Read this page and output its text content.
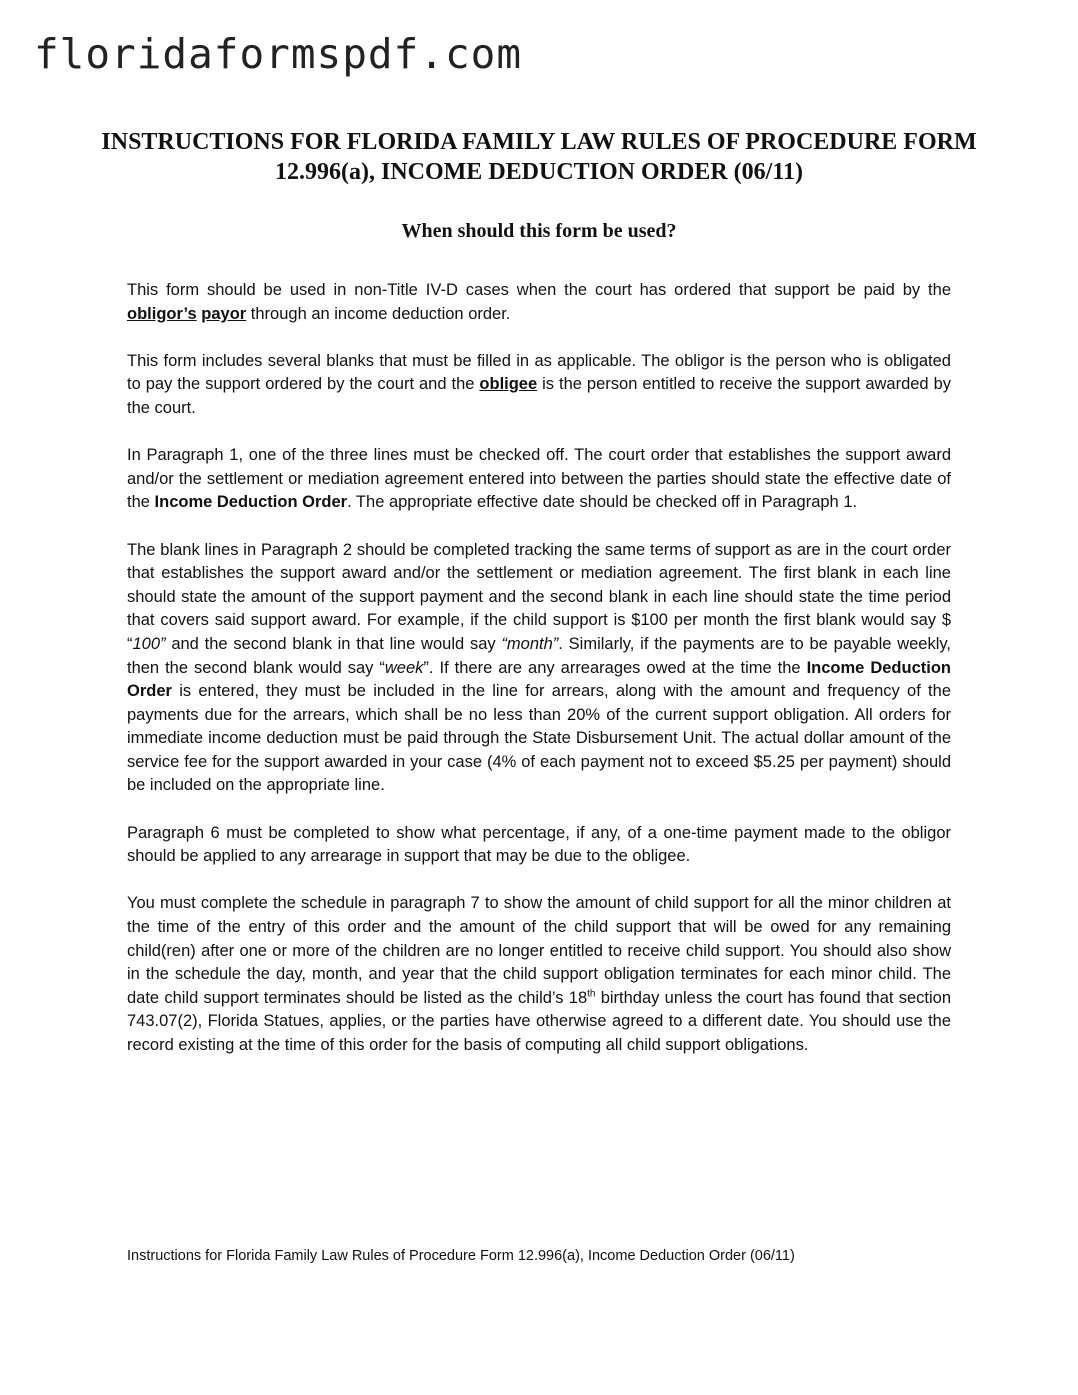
floridaformspdf.com
INSTRUCTIONS FOR FLORIDA FAMILY LAW RULES OF PROCEDURE FORM
12.996(a), INCOME DEDUCTION ORDER (06/11)
When should this form be used?

This form should be used in non-Title IV-D cases when the court has ordered that support be paid by the obligor’s payor through an income deduction order.

This form includes several blanks that must be filled in as applicable. The obligor is the person who is obligated to pay the support ordered by the court and the obligee is the person entitled to receive the support awarded by the court.

In Paragraph 1, one of the three lines must be checked off. The court order that establishes the support award and/or the settlement or mediation agreement entered into between the parties should state the effective date of the Income Deduction Order. The appropriate effective date should be checked off in Paragraph 1.

The blank lines in Paragraph 2 should be completed tracking the same terms of support as are in the court order that establishes the support award and/or the settlement or mediation agreement. The first blank in each line should state the amount of the support payment and the second blank in each line should state the time period that covers said support award. For example, if the child support is $100 per month the first blank would say $ “100” and the second blank in that line would say “month”. Similarly, if the payments are to be payable weekly, then the second blank would say “week”. If there are any arrearages owed at the time the Income Deduction Order is entered, they must be included in the line for arrears, along with the amount and frequency of the payments due for the arrears, which shall be no less than 20% of the current support obligation. All orders for immediate income deduction must be paid through the State Disbursement Unit. The actual dollar amount of the service fee for the support awarded in your case (4% of each payment not to exceed $5.25 per payment) should be included on the appropriate line.

Paragraph 6 must be completed to show what percentage, if any, of a one-time payment made to the obligor should be applied to any arrearage in support that may be due to the obligee.

You must complete the schedule in paragraph 7 to show the amount of child support for all the minor children at the time of the entry of this order and the amount of the child support that will be owed for any remaining child(ren) after one or more of the children are no longer entitled to receive child support. You should also show in the schedule the day, month, and year that the child support obligation terminates for each minor child. The date child support terminates should be listed as the child’s 18th birthday unless the court has found that section 743.07(2), Florida Statues, applies, or the parties have otherwise agreed to a different date. You should use the record existing at the time of this order for the basis of computing all child support obligations.

Instructions for Florida Family Law Rules of Procedure Form 12.996(a), Income Deduction Order (06/11)
